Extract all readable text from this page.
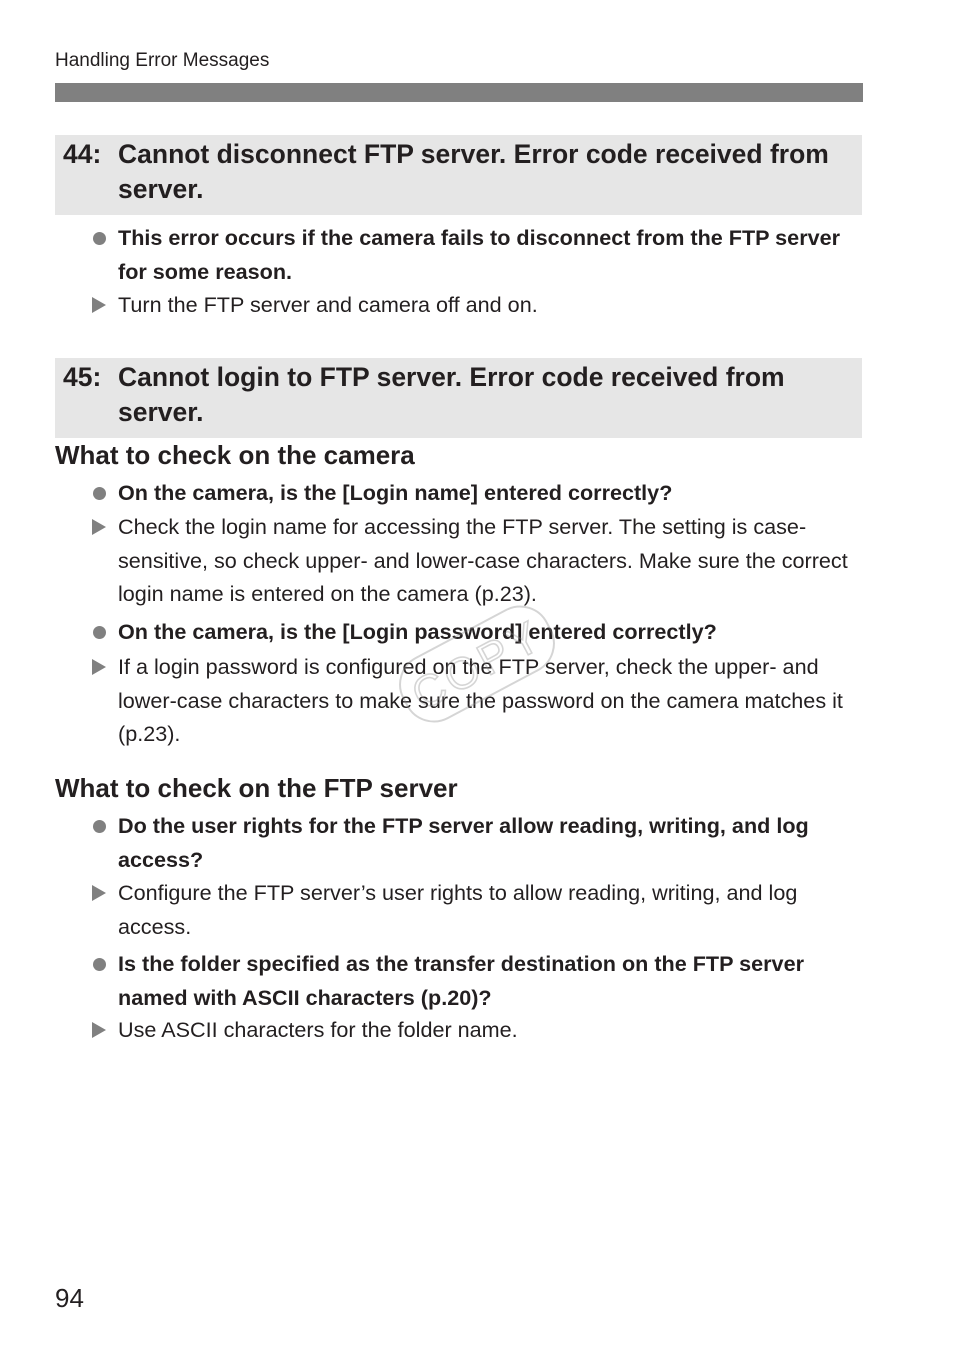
Handling Error Messages
44: Cannot disconnect FTP server. Error code received from server.
This error occurs if the camera fails to disconnect from the FTP server for some reason.
Turn the FTP server and camera off and on.
45: Cannot login to FTP server. Error code received from server.
What to check on the camera
On the camera, is the [Login name] entered correctly?
Check the login name for accessing the FTP server. The setting is case-sensitive, so check upper- and lower-case characters. Make sure the correct login name is entered on the camera (p.23).
On the camera, is the [Login password] entered correctly?
If a login password is configured on the FTP server, check the upper- and lower-case characters to make sure the password on the camera matches it (p.23).
What to check on the FTP server
Do the user rights for the FTP server allow reading, writing, and log access?
Configure the FTP server’s user rights to allow reading, writing, and log access.
Is the folder specified as the transfer destination on the FTP server named with ASCII characters (p.20)?
Use ASCII characters for the folder name.
COPY
94
